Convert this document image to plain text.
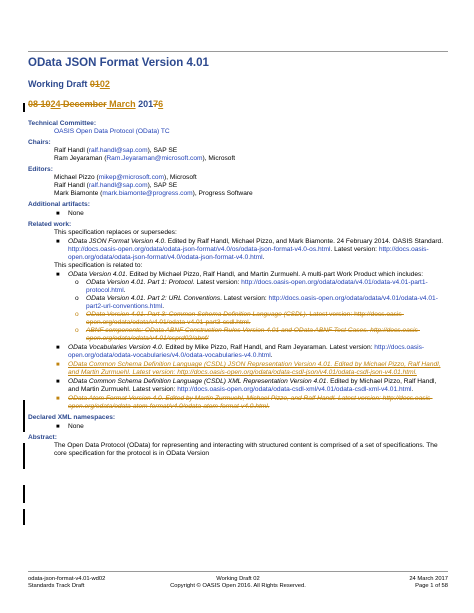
OData JSON Format Version 4.01
Working Draft 0102
08 1024 December March 20176
Technical Committee:
OASIS Open Data Protocol (OData) TC
Chairs:
Ralf Handl (ralf.handl@sap.com), SAP SE
Ram Jeyaraman (Ram.Jeyaraman@microsoft.com), Microsoft
Editors:
Michael Pizzo (mikep@microsoft.com), Microsoft
Ralf Handl (ralf.handl@sap.com), SAP SE
Mark Biamonte (mark.biamonte@progress.com), Progress Software
Additional artifacts:
■ None
Related work:
This specification replaces or supersedes:
■ OData JSON Format Version 4.0. Edited by Ralf Handl, Michael Pizzo, and Mark Biamonte. 24 February 2014. OASIS Standard. http://docs.oasis-open.org/odata/odata-json-format/v4.0/os/odata-json-format-v4.0-os.html. Latest version: http://docs.oasis-open.org/odata/odata-json-format/v4.0/odata-json-format-v4.0.html.
This specification is related to:
■ OData Version 4.01. Edited by Michael Pizzo, Ralf Handl, and Martin Zurmuehl. A multi-part Work Product which includes:
o OData Version 4.01. Part 1: Protocol. Latest version: http://docs.oasis-open.org/odata/odata/v4.01/odata-v4.01-part1-protocol.html.
o OData Version 4.01. Part 2: URL Conventions. Latest version: http://docs.oasis-open.org/odata/odata/v4.01/odata-v4.01-part2-url-conventions.html.
o OData Version 4.01. Part 3: Common Schema Definition Language (CSDL). Latest version: http://docs.oasis-open.org/odata/odata/v4.01/odata-v4.01-part3-csdl.html.
o ABNF components: OData ABNF Construction Rules Version 4.01 and OData ABNF Test Cases. http://docs.oasis-open.org/odata/odata/v4.01/csprd02/abnf/
■ OData Vocabularies Version 4.0. Edited by Mike Pizzo, Ralf Handl, and Ram Jeyaraman. Latest version: http://docs.oasis-open.org/odata/odata-vocabularies/v4.0/odata-vocabularies-v4.0.html.
■ OData Common Schema Definition Language (CSDL) JSON Representation Version 4.01. Edited by Michael Pizzo, Ralf Handl, and Martin Zurmuehl. Latest version: http://docs.oasis-open.org/odata/odata-csdl-json/v4.01/odata-csdl-json-v4.01.html.
■ OData Common Schema Definition Language (CSDL) XML Representation Version 4.01. Edited by Michael Pizzo, Ralf Handl, and Martin Zurmuehl. Latest version: http://docs.oasis-open.org/odata/odata-csdl-xml/v4.01/odata-csdl-xml-v4.01.html.
■ OData Atom Format Version 4.0. Edited by Martin Zurmuehl, Michael Pizzo, and Ralf Handl. Latest version: http://docs.oasis-open.org/odata/odata-atom-format/v4.0/odata-atom-format-v4.0.html.
Declared XML namespaces:
■ None
Abstract:
The Open Data Protocol (OData) for representing and interacting with structured content is comprised of a set of specifications. The core specification for the protocol is in OData Version
odata-json-format-v4.01-wd02
Standards Track Draft
Working Draft 02
Copyright © OASIS Open 2016. All Rights Reserved.
24 March 2017
Page 1 of 58
